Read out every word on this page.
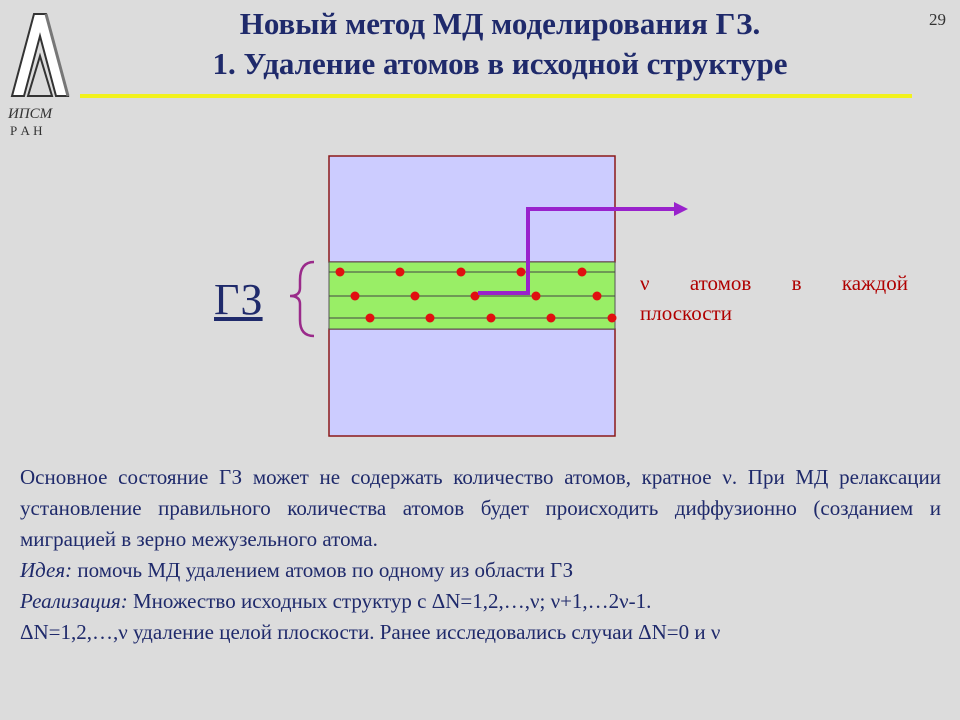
ИПСМ
Р А Н
29
Новый метод МД моделирования ГЗ.
1. Удаление атомов в исходной структуре
ГЗ	ν атомов в каждой
плоскости

Основное состояние ГЗ может не содержать количество атомов, кратное ν. При МД релаксации установление правильного количества атомов будет происходить диффузионно (созданием и миграцией в зерно межузельного атома.

Идея: помочь МД удалением атомов по одному из области ГЗ

Реализация: Множество исходных структур с ΔN=1,2,…,ν; ν+1,…2ν-1.

ΔN=1,2,…,ν удаление целой плоскости. Ранее исследовались случаи ΔN=0 и ν
